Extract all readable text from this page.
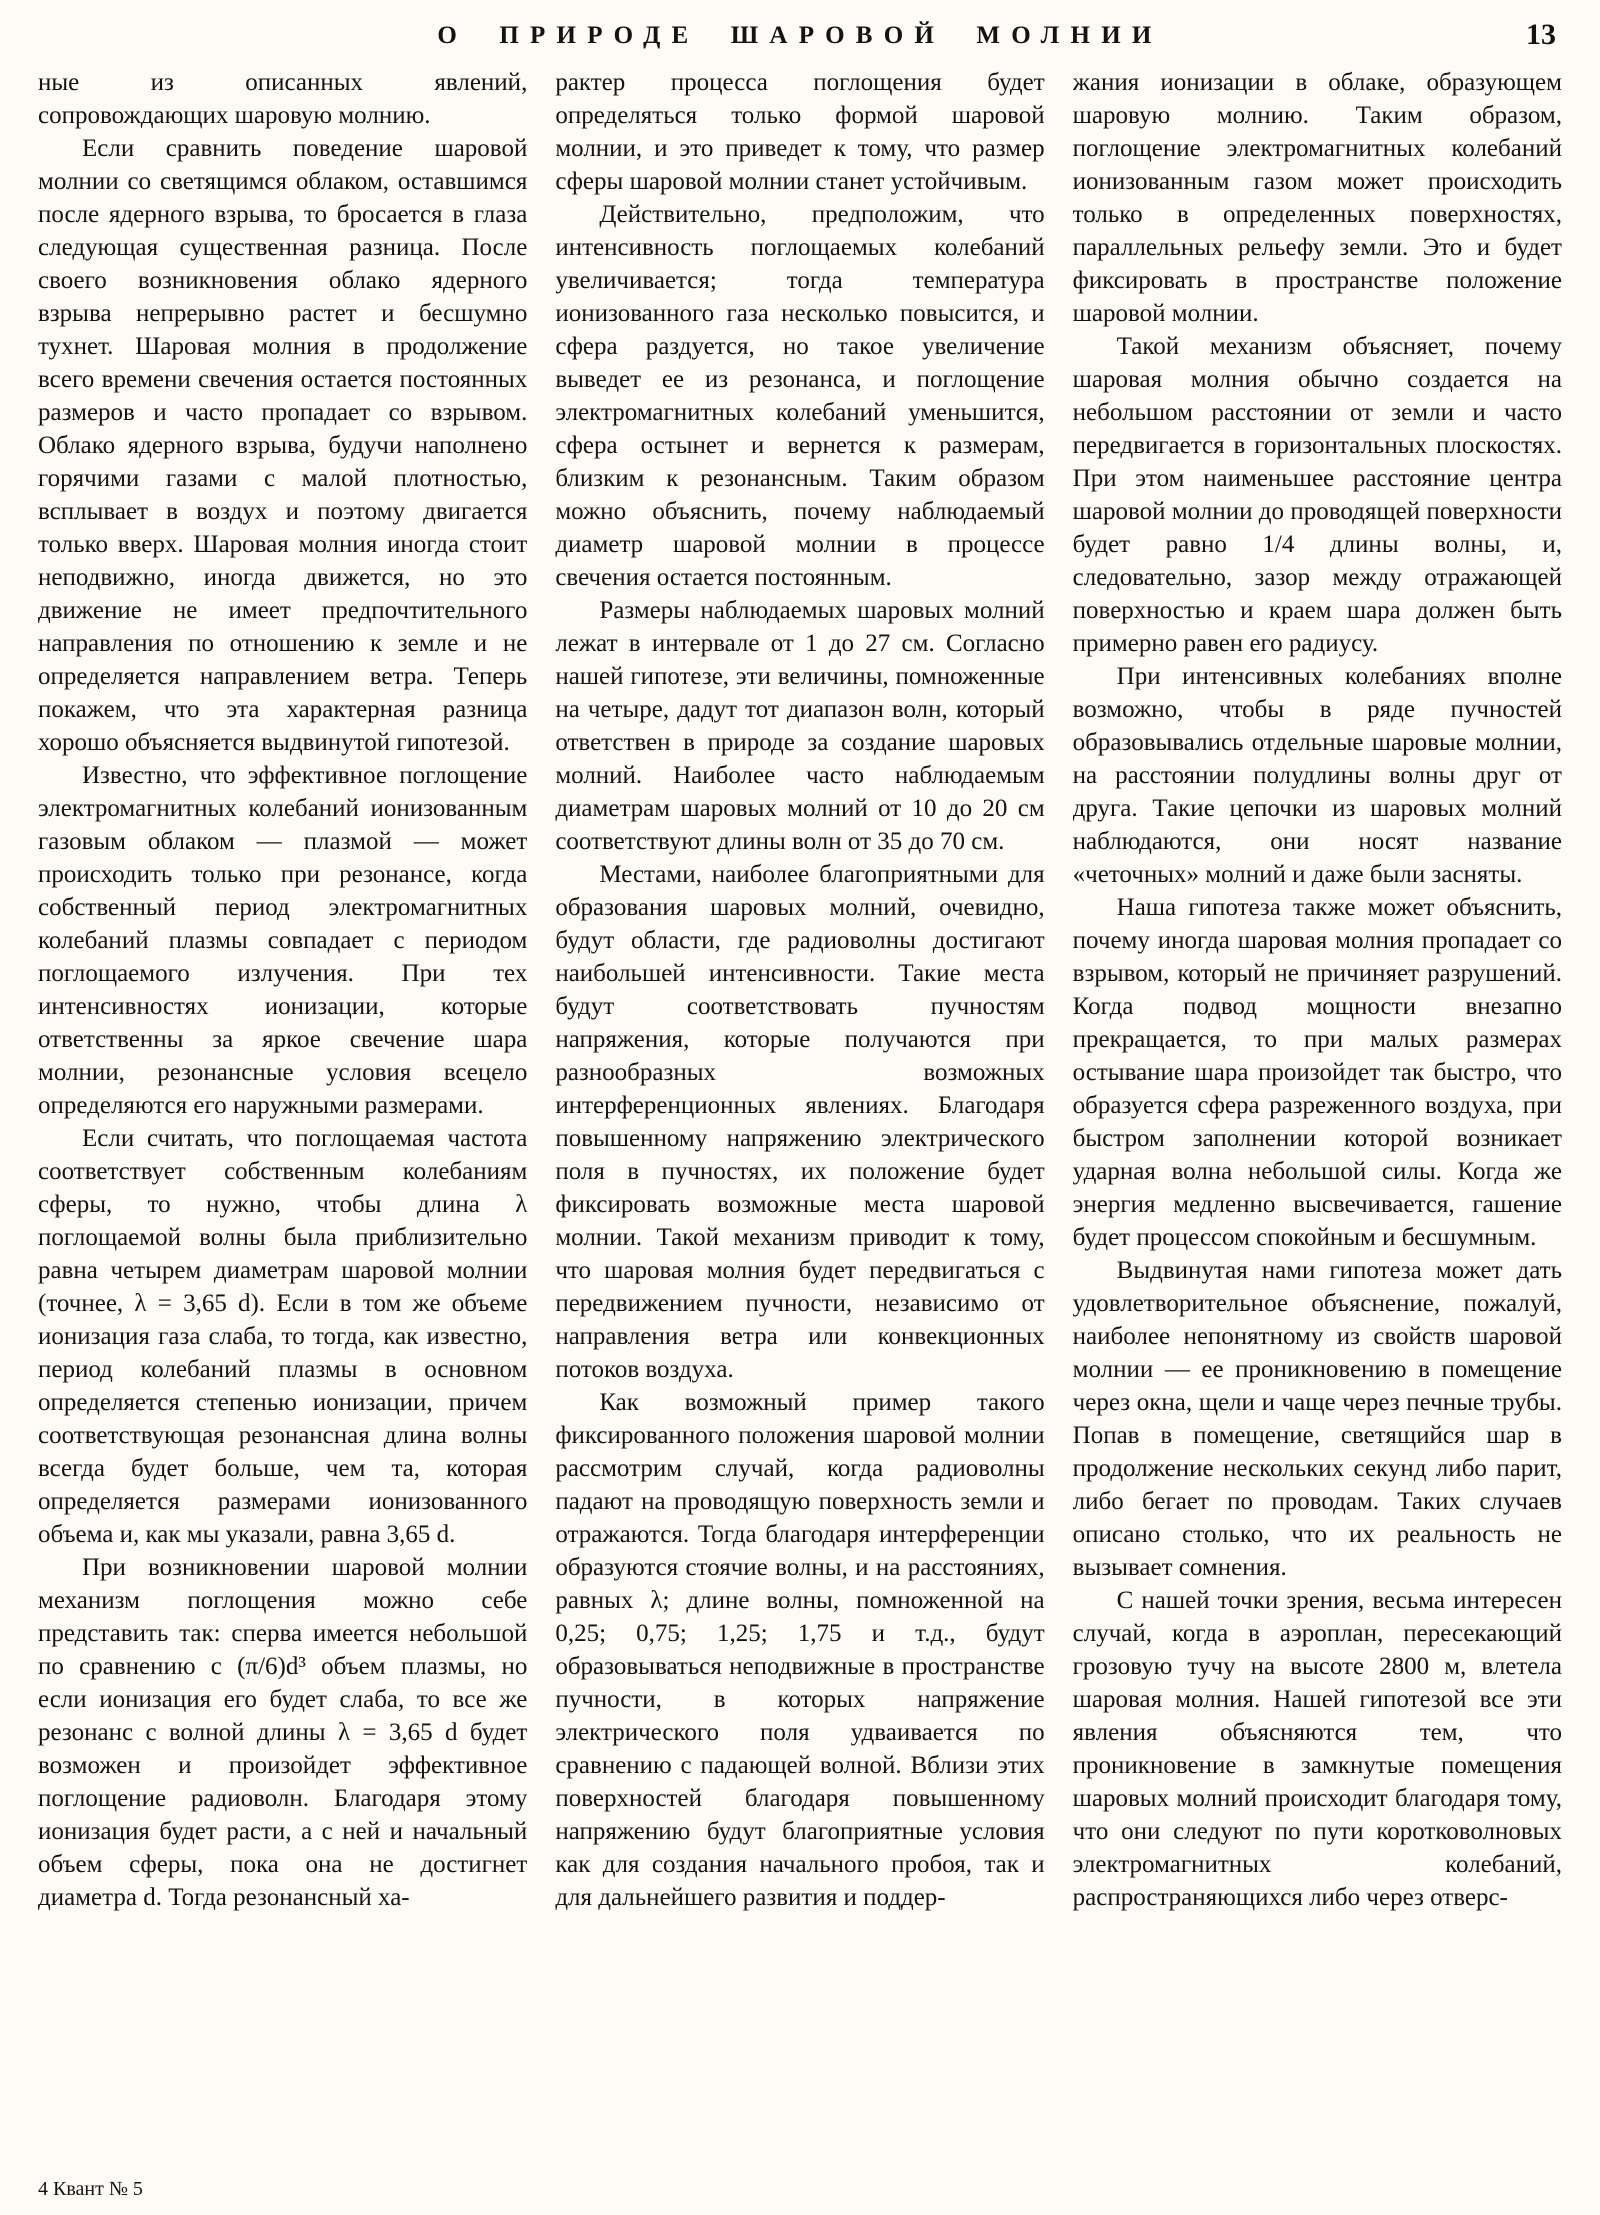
О ПРИРОДЕ ШАРОВОЙ МОЛНИИ	13

ные из описанных явлений, сопровождающих шаровую молнию.

Если сравнить поведение шаровой молнии со светящимся облаком, оставшимся после ядерного взрыва, то бросается в глаза следующая существенная разница. После своего возникновения облако ядерного взрыва непрерывно растет и бесшумно тухнет. Шаровая молния в продолжение всего времени свечения остается постоянных размеров и часто пропадает со взрывом. Облако ядерного взрыва, будучи наполнено горячими газами с малой плотностью, всплывает в воздух и поэтому двигается только вверх. Шаровая молния иногда стоит неподвижно, иногда движется, но это движение не имеет предпочтительного направления по отношению к земле и не определяется направлением ветра. Теперь покажем, что эта характерная разница хорошо объясняется выдвинутой гипотезой.

Известно, что эффективное поглощение электромагнитных колебаний ионизованным газовым облаком — плазмой — может происходить только при резонансе, когда собственный период электромагнитных колебаний плазмы совпадает с периодом поглощаемого излучения. При тех интенсивностях ионизации, которые ответственны за яркое свечение шара молнии, резонансные условия всецело определяются его наружными размерами.

Если считать, что поглощаемая частота соответствует собственным колебаниям сферы, то нужно, чтобы длина λ поглощаемой волны была приблизительно равна четырем диаметрам шаровой молнии (точнее, λ = 3,65 d). Если в том же объеме ионизация газа слаба, то тогда, как известно, период колебаний плазмы в основном определяется степенью ионизации, причем соответствующая резонансная длина волны всегда будет больше, чем та, которая определяется размерами ионизованного объема и, как мы указали, равна 3,65 d.

При возникновении шаровой молнии механизм поглощения можно себе представить так: сперва имеется небольшой по сравнению с (π/6)d³ объем плазмы, но если ионизация его будет слаба, то все же резонанс с волной длины λ = 3,65 d будет возможен и произойдет эффективное поглощение радиоволн. Благодаря этому ионизация будет расти, а с ней и начальный объем сферы, пока она не достигнет диаметра d. Тогда резонансный ха-

рактер процесса поглощения будет определяться только формой шаровой молнии, и это приведет к тому, что размер сферы шаровой молнии станет устойчивым.

Действительно, предположим, что интенсивность поглощаемых колебаний увеличивается; тогда температура ионизованного газа несколько повысится, и сфера раздуется, но такое увеличение выведет ее из резонанса, и поглощение электромагнитных колебаний уменьшится, сфера остынет и вернется к размерам, близким к резонансным. Таким образом можно объяснить, почему наблюдаемый диаметр шаровой молнии в процессе свечения остается постоянным.

Размеры наблюдаемых шаровых молний лежат в интервале от 1 до 27 см. Согласно нашей гипотезе, эти величины, помноженные на четыре, дадут тот диапазон волн, который ответствен в природе за создание шаровых молний. Наиболее часто наблюдаемым диаметрам шаровых молний от 10 до 20 см соответствуют длины волн от 35 до 70 см.

Местами, наиболее благоприятными для образования шаровых молний, очевидно, будут области, где радиоволны достигают наибольшей интенсивности. Такие места будут соответствовать пучностям напряжения, которые получаются при разнообразных возможных интерференционных явлениях. Благодаря повышенному напряжению электрического поля в пучностях, их положение будет фиксировать возможные места шаровой молнии. Такой механизм приводит к тому, что шаровая молния будет передвигаться с передвижением пучности, независимо от направления ветра или конвекционных потоков воздуха.

Как возможный пример такого фиксированного положения шаровой молнии рассмотрим случай, когда радиоволны падают на проводящую поверхность земли и отражаются. Тогда благодаря интерференции образуются стоячие волны, и на расстояниях, равных λ; длине волны, помноженной на 0,25; 0,75; 1,25; 1,75 и т.д., будут образовываться неподвижные в пространстве пучности, в которых напряжение электрического поля удваивается по сравнению с падающей волной. Вблизи этих поверхностей благодаря повышенному напряжению будут благоприятные условия как для создания начального пробоя, так и для дальнейшего развития и поддер-

жания ионизации в облаке, образующем шаровую молнию. Таким образом, поглощение электромагнитных колебаний ионизованным газом может происходить только в определенных поверхностях, параллельных рельефу земли. Это и будет фиксировать в пространстве положение шаровой молнии.

Такой механизм объясняет, почему шаровая молния обычно создается на небольшом расстоянии от земли и часто передвигается в горизонтальных плоскостях. При этом наименьшее расстояние центра шаровой молнии до проводящей поверхности будет равно 1/4 длины волны, и, следовательно, зазор между отражающей поверхностью и краем шара должен быть примерно равен его радиусу.

При интенсивных колебаниях вполне возможно, чтобы в ряде пучностей образовывались отдельные шаровые молнии, на расстоянии полудлины волны друг от друга. Такие цепочки из шаровых молний наблюдаются, они носят название «четочных» молний и даже были засняты.

Наша гипотеза также может объяснить, почему иногда шаровая молния пропадает со взрывом, который не причиняет разрушений. Когда подвод мощности внезапно прекращается, то при малых размерах остывание шара произойдет так быстро, что образуется сфера разреженного воздуха, при быстром заполнении которой возникает ударная волна небольшой силы. Когда же энергия медленно высвечивается, гашение будет процессом спокойным и бесшумным.

Выдвинутая нами гипотеза может дать удовлетворительное объяснение, пожалуй, наиболее непонятному из свойств шаровой молнии — ее проникновению в помещение через окна, щели и чаще через печные трубы. Попав в помещение, светящийся шар в продолжение нескольких секунд либо парит, либо бегает по проводам. Таких случаев описано столько, что их реальность не вызывает сомнения.

С нашей точки зрения, весьма интересен случай, когда в аэроплан, пересекающий грозовую тучу на высоте 2800 м, влетела шаровая молния. Нашей гипотезой все эти явления объясняются тем, что проникновение в замкнутые помещения шаровых молний происходит благодаря тому, что они следуют по пути коротковолновых электромагнитных колебаний, распространяющихся либо через отверс-

4 Квант № 5
